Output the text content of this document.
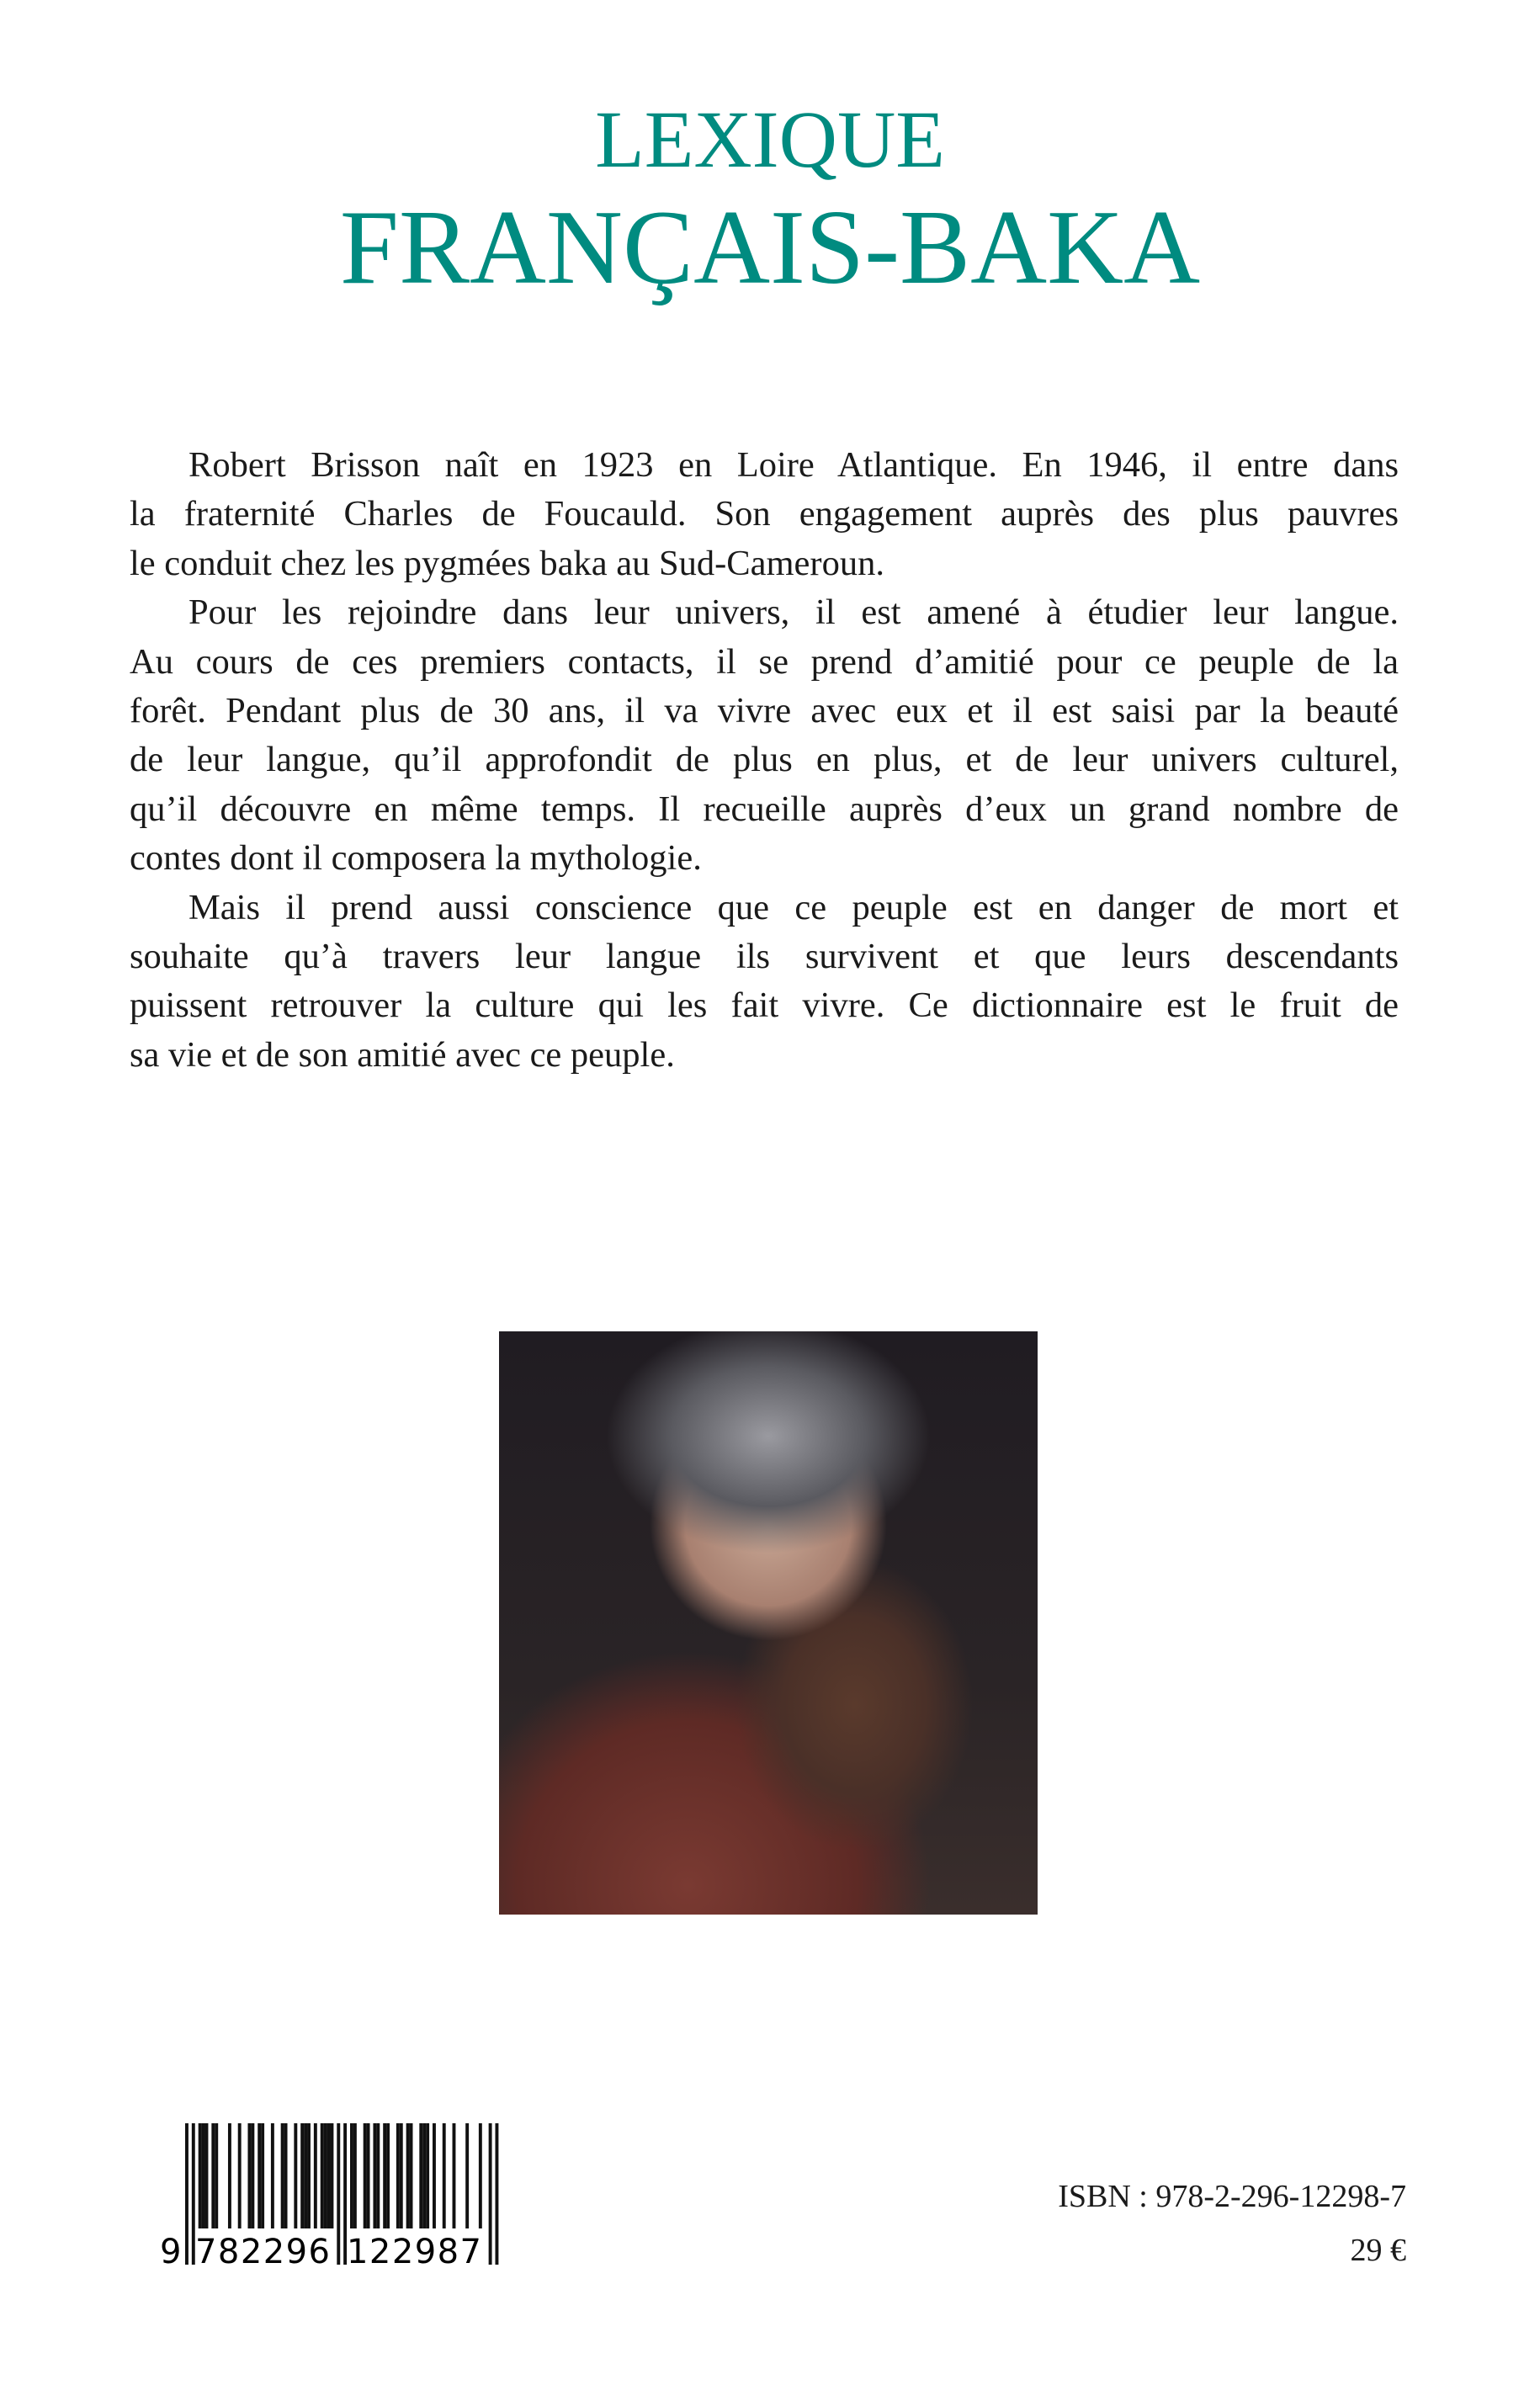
LEXIQUE
FRANÇAIS-BAKA
Robert Brisson naît en 1923 en Loire Atlantique. En 1946, il entre dans
la fraternité Charles de Foucauld. Son engagement auprès des plus pauvres
le conduit chez les pygmées baka au Sud-Cameroun.
Pour les rejoindre dans leur univers, il est amené à étudier leur langue.
Au cours de ces premiers contacts, il se prend d’amitié pour ce peuple de la
forêt. Pendant plus de 30 ans, il va vivre avec eux et il est saisi par la beauté
de leur langue, qu’il approfondit de plus en plus, et de leur univers culturel,
qu’il découvre en même temps. Il recueille auprès d’eux un grand nombre de
contes dont il composera la mythologie.
Mais il prend aussi conscience que ce peuple est en danger de mort et
souhaite qu’à travers leur langue ils survivent et que leurs descendants
puissent retrouver la culture qui les fait vivre. Ce dictionnaire est le fruit de
sa vie et de son amitié avec ce peuple.
9 782296 122987
ISBN : 978-2-296-12298-7
29 €
